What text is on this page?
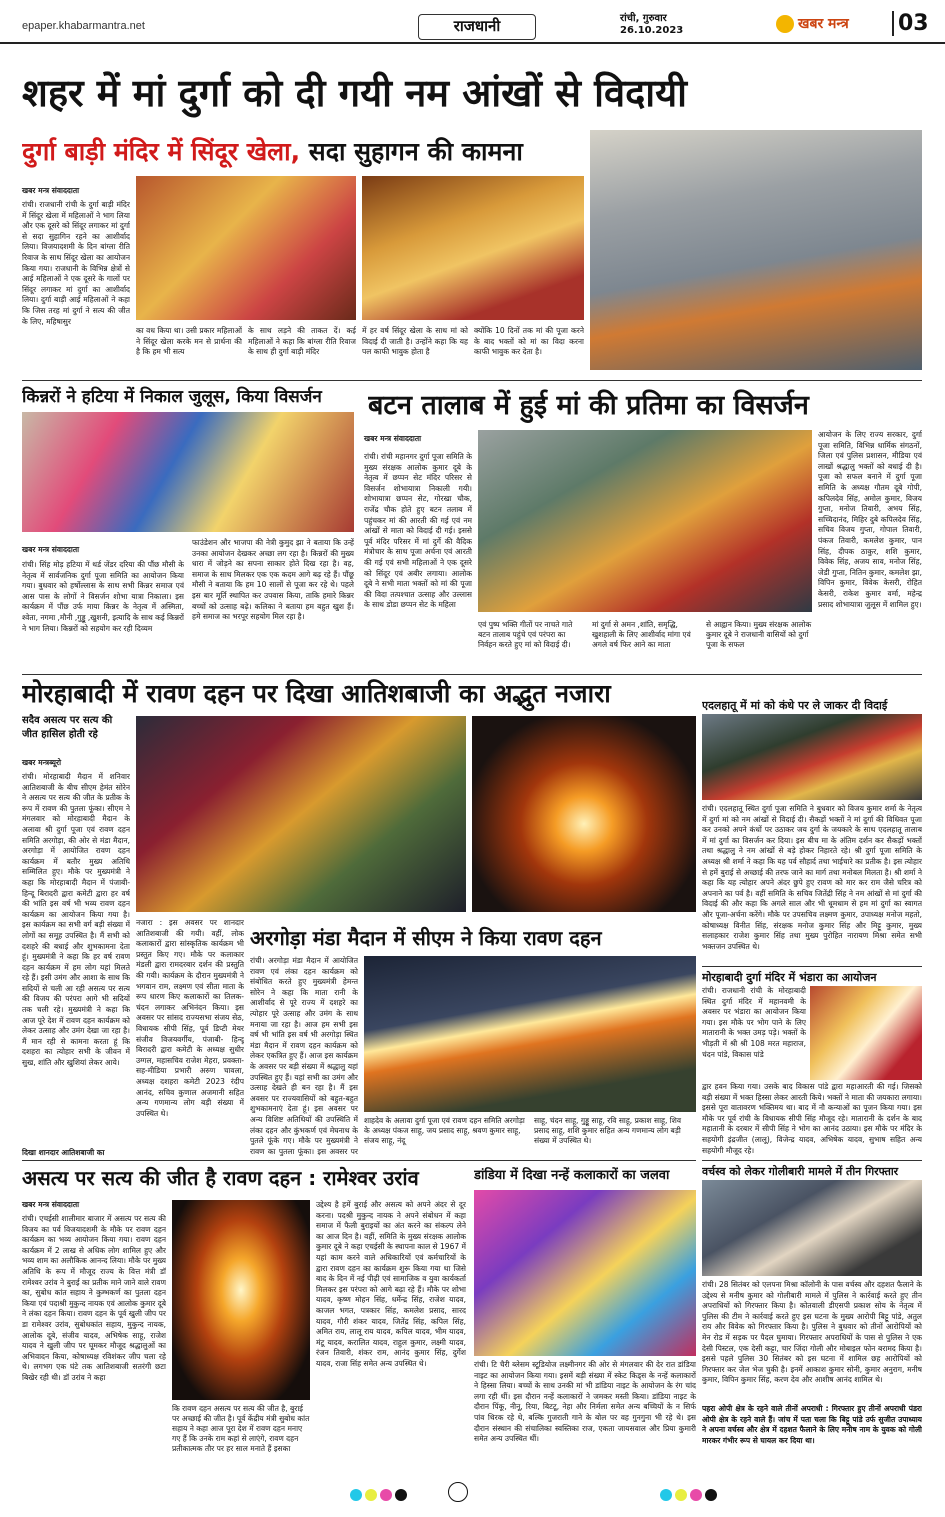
epaper.khabarmantra.net	राजधानी	रांची, गुरुवार
26.10.2023	खबर मन्त्र 03
शहर में मां दुर्गा को दी गयी नम आंखों से विदायी
दुर्गा बाड़ी मंदिर में सिंदूर खेला, सदा सुहागन की कामना
खबर मन्त्र संवाददाता
रांची। राजधानी रांची के दुर्गा बाड़ी मंदिर में सिंदूर खेला में महिलाओं ने भाग लिया और एक दूसरे को सिंदूर लगाकर मां दुर्गा से सदा सुहागिन रहने का आशीर्वाद लिया। विजयादशमी के दिन बांग्ला रीति रिवाज के साथ सिंदूर खेला का आयोजन किया गया। राजधानी के विभिन्न क्षेत्रों से आई महिलाओं ने एक दूसरे के गालों पर सिंदूर लगाकर मां दुर्गा का आशीर्वाद लिया। दुर्गा बाड़ी आई महिलाओं ने कहा कि जिस तरह मां दुर्गा ने सत्य की जीत के लिए, महिषासुर
का वध किया था। उसी प्रकार महिलाओं ने सिंदूर खेला करके मन से प्रार्थना की है कि हम भी सत्य
के साथ लड़ने की ताकत दें। कई महिलाओं ने कहा कि बांग्ला रीति रिवाज के साथ ही दुर्गा बाड़ी मंदिर
में हर वर्ष सिंदूर खेला के साथ मां को विदाई दी जाती है। उन्होंने कहा कि यह पल काफी भावुक होता है
क्योंकि 10 दिनों तक मां की पूजा करने के बाद भक्तों को मां का विदा करना काफी भावुक कर देता है।
किन्नरों ने हटिया में निकाल जुलूस, किया विसर्जन
खबर मन्त्र संवाददाता
रांची। सिंह मोड़ हटिया में थर्ड जेंडर दरिया की पौंछ मौसी के नेतृत्व में सार्वजनिक दुर्गा पूजा समिति का आयोजन किया गया। बुधवार को हर्षोल्लास के साथ सभी किन्नर समाज एवं आस पास के लोगों ने विसर्जन शोभा यात्रा निकाला। इस कार्यक्रम में पौंछ उर्फ माया किन्नर के नेतृत्व में अस्मिता, श्वेता, नगमा ,मौनी ,गुड्डू ,खुशनी, इत्यादि के साथ कई किन्नरों ने भाग लिया। किन्नरों को सहयोग कर रही दिव्यम
फाउंडेशन और भाजपा की नेत्री कुमुद झा ने बताया कि उन्हें उनका आयोजन देखकर अच्छा लग रहा है। किन्नरों की मुख्य धारा में जोड़ने का सपना साकार होते दिख रहा है। वह, समाज के साथ मिलकर एक एक कदम आगे बढ़ रहे हैं। पौंछू मौसी ने बताया कि हम 10 सालों से पूजा कर रहे थे। पहले इस बार मूर्ति स्थापित कर उपवास किया, ताकि हमारे किन्नर बच्चों को उत्साह बढ़े। कलिका ने बताया हम बहुत खुश हैं। हमे समाज का भरपूर सहयोग मिल रहा है।
बटन तालाब में हुई मां की प्रतिमा का विसर्जन
खबर मन्त्र संवाददाता
रांची। रांची महानगर दुर्गा पूजा समिति के मुख्य संरक्षक आलोक कुमार दूबे के नेतृत्व में छप्पन सेट मंदिर परिसर से विसर्जन शोभायात्रा निकाली गयी। शोभायात्रा छप्पन सेट, गोरखा चौक, राजेंद्र चौक होते हुए बटन तलाब में पहुंचकर मां की आरती की गई एवं नम आंखों से माता को विदाई दी गई। इससे पूर्व मंदिर परिसर में मां दुर्गे की वैदिक मंत्रोचार के साथ पूजा अर्चना एवं आरती की गई एवं सभी महिलाओं ने एक दूसरे को सिंदूर एवं अबीर लगाया। आलोक दूबे ने सभी माता भक्तों को मां की पूजा की विदा तत्पश्चात उत्साह और उल्लास के साथ डोडा छप्पन सेट के महिला
आयोजन के लिए राज्य सरकार, दुर्गा पूजा समिति, विभिन्न धार्मिक संगठनों, जिला एवं पुलिस प्रशासन, मीडिया एवं लाखों श्रद्धालु भक्तों को बधाई दी है। पूजा को सफल बनाने में दुर्गा पूजा समिति के अध्यक्ष गौतम दूबे गोपी, कपिलदेव सिंह, अमोल कुमार, विजय गुप्ता, मनोज तिवारी, अभय सिंह, सच्चिदानंद, मिहिर दुबे कपिलदेव सिंह, सचिव विजय गुप्ता, गोपाल तिवारी, पंकज तिवारी, कमलेश कुमार, पान सिंह, दीपक ठाकुर, शशि कुमार, विवेक सिंह, अजय साव, मनोज सिंह, जेडी गुप्ता, नितिन कुमार, कमलेश झा, विपिन कुमार, विवेक केसरी, रोहित केसरी, राकेश कुमार वर्मा, महेन्द्र प्रसाद शोभायात्रा जुलूस में शामिल हुए।
एवं पुष्प भक्ति गीतों पर नाचते गाते बटन तालाब पहुंचे एवं परंपरा का निर्वहन करते हुए मां को विदाई दी।
मां दुर्गा से अमन ,शांति, समृद्धि, खुशहाली के लिए आशीर्वाद मांगा एवं अगले वर्ष फिर आने का माता
से आह्वान किया। मुख्य संरक्षक आलोक कुमार दूबे ने राजधानी वासियों को दुर्गा पूजा के सफल
मोरहाबादी में रावण दहन पर दिखा आतिशबाजी का अद्भुत नजारा
सदैव असत्य पर सत्य की जीत हासिल होती रहे
खबर मन्त्रब्यूरो
रांची। मोरहाबादी मैदान में शनिवार आतिशबाजी के बीच सीएम हेमंत सोरेन ने असत्य पर सत्य की जीत के प्रतीक के रूप में रावण की पुतला फूंका। सीएम ने मंगलवार को मोरहाबादी मैदान के अलावा श्री दुर्गा पूजा एवं रावण दहन समिति अरगोड़ा, की ओर से मंडा मैदान, अरगोड़ा में आयोजित रावण दहन कार्यक्रम में बतौर मुख्य अतिथि सम्मिलित हुए। मौके पर मुख्यमंत्री ने कहा कि मोरहाबादी मैदान में पंजाबी- हिन्दू बिरादरी द्वारा कमेटी द्वारा हर वर्ष की भांति इस वर्ष भी भव्य रावण दहन कार्यक्रम का आयोजन किया गया है। इस कार्यक्रम का सभी वर्ग बड़ी संख्या में लोगों का समूह उपस्थित है। मैं सभी को दशहरे की बधाई और शुभकामना देता हूं। मुख्यमंत्री ने कहा कि हर वर्ष रावण दहन कार्यक्रम में हम लोग यहां मिलते रहे हैं। इसी उमंग और आशा के साथ कि सदियों से चली आ रही असत्य पर सत्य की विजय की परंपरा आगे भी सदियों तक चली रहे। मुख्यमंत्री ने कहा कि आज पूरे देश में रावण दहन कार्यक्रम को लेकर उत्साह और उमंग देखा जा रहा है। मैं मान रही से कामना करता हूं कि दशहरा का त्योहार सभी के जीवन में सुख, शांति और खुशियां लेकर आये।
दिखा शानदार आतिशबाजी का
नजारा : इस अवसर पर शानदार आतिशबाजी की गयी। वहीं, लोक कलाकारों द्वारा सांस्कृतिक कार्यक्रम भी प्रस्तुत किए गए। मौके पर कलाकार मंडली द्वारा रामदरबार दर्शन की प्रस्तुति की गयी। कार्यक्रम के दौरान मुख्यमंत्री ने भगवान राम, लक्ष्मण एवं सीता माता के रूप धारण किए कलाकारों का तिलक- चंदन लगाकर अभिनंदन किया। इस अवसर पर सांसद राज्यसभा संजय सेठ, विधायक सीपी सिंह, पूर्व डिप्टी मेयर संजीव विजयवर्गीय, पंजाबी- हिन्दू बिरादरी द्वारा कमेटी के अध्यक्ष सुधीर उग्गल, महासचिव राजेश मेहरा, प्रवक्ता-सह-मीडिया प्रभारी अरुण चावला, अध्यक्ष दशहरा कमेटी 2023 रंदीप आनंद, सचिव कुणाल अजमानी सहित अन्य गणमान्य लोग बड़ी संख्या में उपस्थित थे।
अरगोड़ा मंडा मैदान में सीएम ने किया रावण दहन
रांची। अरगोड़ा मंडा मैदान में आयोजित रावण एवं लंका दहन कार्यक्रम को संबोधित करते हुए मुख्यमंत्री हेमन्त सोरेन ने कहा कि माता रानी के आशीर्वाद से पूरे राज्य में दशहरे का त्योहार पूरे उत्साह और उमंग के साथ मनाया जा रहा है। आज हम सभी इस वर्ष भी भांति इस वर्ष भी अरगोड़ा स्थित मंडा मैदान में रावण दहन कार्यक्रम को लेकर एकत्रित हुए हैं। आज इस कार्यक्रम के अवसर पर बड़ी संख्या में श्रद्धालु यहां उपस्थित हुए हैं। यहां सभी का उमंग और उत्साह देखते ही बन रहा है। मैं इस अवसर पर राज्यवासियों को बहुत-बहुत शुभकामनाएं देता हूं। इस अवसर पर अन्य विशिष्ट अतिथियों की उपस्थिति में लंका दहन और कुंभकर्ण एवं मेघनाथ के पुतले फूंके गए। मौके पर मुख्यमंत्री ने रावण का पुतला फूंका। इस अवसर पर
शाहदेव के अलावा दुर्गा पूजा एवं रावण दहन समिति अरगोड़ा के अध्यक्ष पंकज साहू, जय प्रसाद साहू, श्रवण कुमार साहू, संजय साहू, नंदू
साहू, चंदन साहू, गुड्डू साहू, रवि साहू, प्रकाश साहू, शिव प्रसाद साहू, शशि कुमार सहित अन्य गणमान्य लोग बड़ी संख्या में उपस्थित थे।
एदलहातू में मां को कंधे पर ले जाकर दी विदाई
रांची। एदलहातू स्थित दुर्गा पूजा समिति ने बुधवार को विजय कुमार शर्मा के नेतृत्व में दुर्गा मां को नम आंखों से विदाई दी। सैकड़ों भक्तों ने मां दुर्गा की विधिवत पूजा कर उनको अपने कंधों पर उठाकर जय दुर्गा के जयकारे के साथ एदलहातू तालाब में मां दुर्गा का विसर्जन कर दिया। इस बीच मा के अंतिम दर्शन कर सैकड़ों भक्तों तथा श्रद्धालु ने नम आंखों से बड़े होकर निहारते रहे। श्री दुर्गा पूजा समिति के अध्यक्ष श्री शर्मा ने कहा कि यह पर्व सौहार्द तथा भाईचारे का प्रतीक है। इस त्योहार से हमें बुराई से अच्छाई की तरफ जाने का मार्ग तथा मनोबल मिलता है। श्री शर्मा ने कहा कि यह त्योहार अपने अंदर छुपे हुए रावण को मार कर राम जैसे चरित्र को अपनाने का पर्व है। वहीं समिति के सचिव जितेंद्री सिंह ने नम आंखों से मां दुर्गा की विदाई की और कहा कि अगले साल और भी धूमधाम से हम मां दुर्गा का स्वागत और पूजा-अर्चना करेंगे। मौके पर उपसचिव लक्ष्मण कुमार, उपाध्यक्ष मनोज महतो, कोषाध्यक्ष विनीत सिंह, संरक्षक मनोज कुमार सिंह और मिट्टू कुमार, मुख्य सलाहकार राजेश कुमार सिंह तथा मुख्य पुरोहित नारायण मिश्रा समेत सभी भक्तजन उपस्थित थे।
मोरहाबादी दुर्गा मंदिर में भंडारा का आयोजन
रांची। राजधानी रांची के मोरहाबादी स्थित दुर्गा मंदिर में महानवमी के अवसर पर भंडारा का आयोजन किया गया। इस मौके पर भोग पाने के लिए मातारानी के भक्त उमड़ पड़े। भक्तों के भीड़ती में श्री श्री 108 मरत महाराज, चंदन पांडे, विकास पांडे
द्वार हवन किया गया। उसके बाद विकास पांडे द्वारा महाआरती की गई। जिसको बड़ी संख्या में भक्त हिस्सा लेकर आरती किये। भक्तों ने माता की जयकारा लगाया। इससे पूरा वातावरण भक्तिमय था। बाद में नौ कन्याओं का पूजन किया गया। इस मौके पर पूर्व रांची के विधायक सीपी सिंह मौजूद रहे। मातारानी के दर्शन के बाद महातानी के दरबार में सीपी सिंह ने भोग का आनंद उठाया। इस मौके पर मंदिर के सहयोगी इंद्रजीत (लालू), विजेन्द्र यादव, अभिषेक यादव, सुभाष सहित अन्य सहयोगी मौजूद रहे।
वर्चस्व को लेकर गोलीबारी मामले में तीन गिरफ्तार
रांची। 28 सितंबर को एलपना मिश्रा कॉलोनी के पास वर्चस्व और दहशत फैलाने के उद्देश्य से मनीष कुमार को गोलीबारी मामले में पुलिस ने कार्रवाई करते हुए तीन अपराधियों को गिरफ्तार किया है। कोतवाली डीएसपी प्रकाश सोय के नेतृत्व में पुलिस की टीम ने कार्रवाई करते हुए इस घटना के मुख्य आरोपी बिट्टू पांडे, अतुल राय और विवेक को गिरफ्तार किया है। पुलिस ने बुधवार को तीनों आरोपियों को मेन रोड में सड़क पर पैदल घुमाया। गिरफ्तार अपराधियों के पास से पुलिस ने एक देसी पिस्टल, एक देसी कट्टा, चार जिंदा गोली और मोबाइल फोन बरामद किया है। इससे पहले पुलिस 30 सितंबर को इस घटना में शामिल छह आरोपियों को गिरफ्तार कर जेल भेज चुकी है। इनमें आकाश कुमार सोनी, कुमार अनुराग, मनीष कुमार, विपिन कुमार सिंह, करण देव और आशीष आनंद शामिल थे।
पहरा ओपी क्षेत्र के रहने वाले तीनों अपराधी : गिरफ्तार हुए तीनों अपराधी पंडरा ओपी क्षेत्र के रहने वाले हैं। जांच में पता चला कि बिट्टू पांडे उर्फ सुजीत उपाध्याय ने अपना वर्चस्व और क्षेत्र में दहशत फैलाने के लिए मनीष नाम के युवक को गोली मारकर गंभीर रूप से घायल कर दिया था।
असत्य पर सत्य की जीत है रावण दहन : रामेश्वर उरांव
खबर मन्त्र संवाददाता
रांची। एचईसी शालीमार बाजार में असत्य पर सत्य की विजय का पर्व विजयादशमी के मौके पर रावण दहन कार्यक्रम का भव्य आयोजन किया गया। रावण दहन कार्यक्रम में 2 लाख से अधिक लोग शामिल हुए और भव्य शाम का अलौकिक आनन्द लिया। मौके पर मुख्य अतिथि के रूप में मौजूद राज्य के वित्त मंत्री डॉ रामेश्वर उरांव ने बुराई का प्रतीक माने जाने वाले रावण का, सुबोध कांत सहाय ने कुम्भकर्ण का पुतला दहन किया एवं पदाश्री मुकुन्द नायक एवं आलोक कुमार दूबे ने लंका दहन किया। रावण दहन के पूर्व खुली जीप पर डा रामेश्वर उरांव, सुबोधकांत सहाय, मुकुन्द नायक, आलोक दूबे, संजीव यादव, अभिषेक साहू, राजेश यादव ने खुली जीप पर घूमकर मौजूद श्रद्धालुओं का अभिवादन किया, कोषाध्यक्ष रविशंकर जीप चला रहे थे। लगभग एक घंटे तक आतिशबाजी सतरंगी छटा बिखेर रही थी। डॉ उरांव ने कहा
कि रावण दहन असत्य पर सत्य की जीत है, बुराई पर अच्छाई की जीत है। पूर्व केंद्रीय मंत्री सुबोध कांत सहाय ने कहा आज पूरा देश में रावण दहन मनाए गए हैं कि उनके राम कहां से लाएंगे, रावण दहन प्रतीकात्मक तौर पर हर साल मनाते हैं इसका
उद्देश्य है हमें बुराई और असत्य को अपने अंदर से दूर करना। पदश्री मुकुन्द नायक ने अपने संबोधन में कहा समाज में फैली बुराइयों का अंत करने का संकल्प लेने का आज दिन है। वहीं, समिति के मुख्य संरक्षक आलोक कुमार दूबे ने कहा एचईसी के स्थापना काल से 1967 में यहां काम करने वाले अधिकारियों एवं कर्मचारियों के द्वारा रावण दहन का कार्यक्रम शुरू किया गया था जिसे बाद के दिन में नई पीढ़ी एवं सामाजिक व युवा कार्यकर्ता मिलकर इस परंपरा को आगे बढ़ा रहे हैं। मौके पर शोभा यादव, कृष्ण मोहन सिंह, धर्मेन्द्र सिंह, राजेश यादव, काजल भगत, पत्रकार सिंह, कमलेश प्रसाद, सारद यादव, गौरी शंकर यादव, जितेंद्र सिंह, कपिल सिंह, अमित राय, लालू राय यादव, कपिल यादव, भीम यादव, मंटू यादव, करालित यादव, राहुल कुमार, लक्ष्मी यादव, रंजन तिवारी, शंकर राम, आनंद कुमार सिंह, दुर्गेश यादव, राजा सिंह समेत अन्य उपस्थित थे।
डांडिया में दिखा नन्हें कलाकारों का जलवा
रांची। टि चैरी ब्लेसम स्टूडियोज लक्ष्मीनगर की ओर से मंगलवार की देर रात डांडिया नाइट का आयोजन किया गया। इसमें बड़ी संख्या में स्केट किड्स के नन्हें कलाकारों ने हिस्सा लिया। बच्चों के साथ उनकी मां भी डांडिया नाइट के आयोजन के रंग चांद लगा रही थीं। इस दौरान नन्हें कलाकारों ने जमकर मस्ती किया। डांडिया नाइट के दौरान पिंकू, नीनू, रिया, बिटटू, नेहा और निर्मला समेत अन्य बच्चियों के न सिर्फ पांव थिरक रहे थे, बल्कि गुजराती गाने के बोल पर वह गुनगुना भी रहे थे। इस दौरान संस्थान की संचालिका स्वस्तिका राज, एकता जायसवाल और प्रिया कुमारी समेत अन्य उपस्थित थीं।
